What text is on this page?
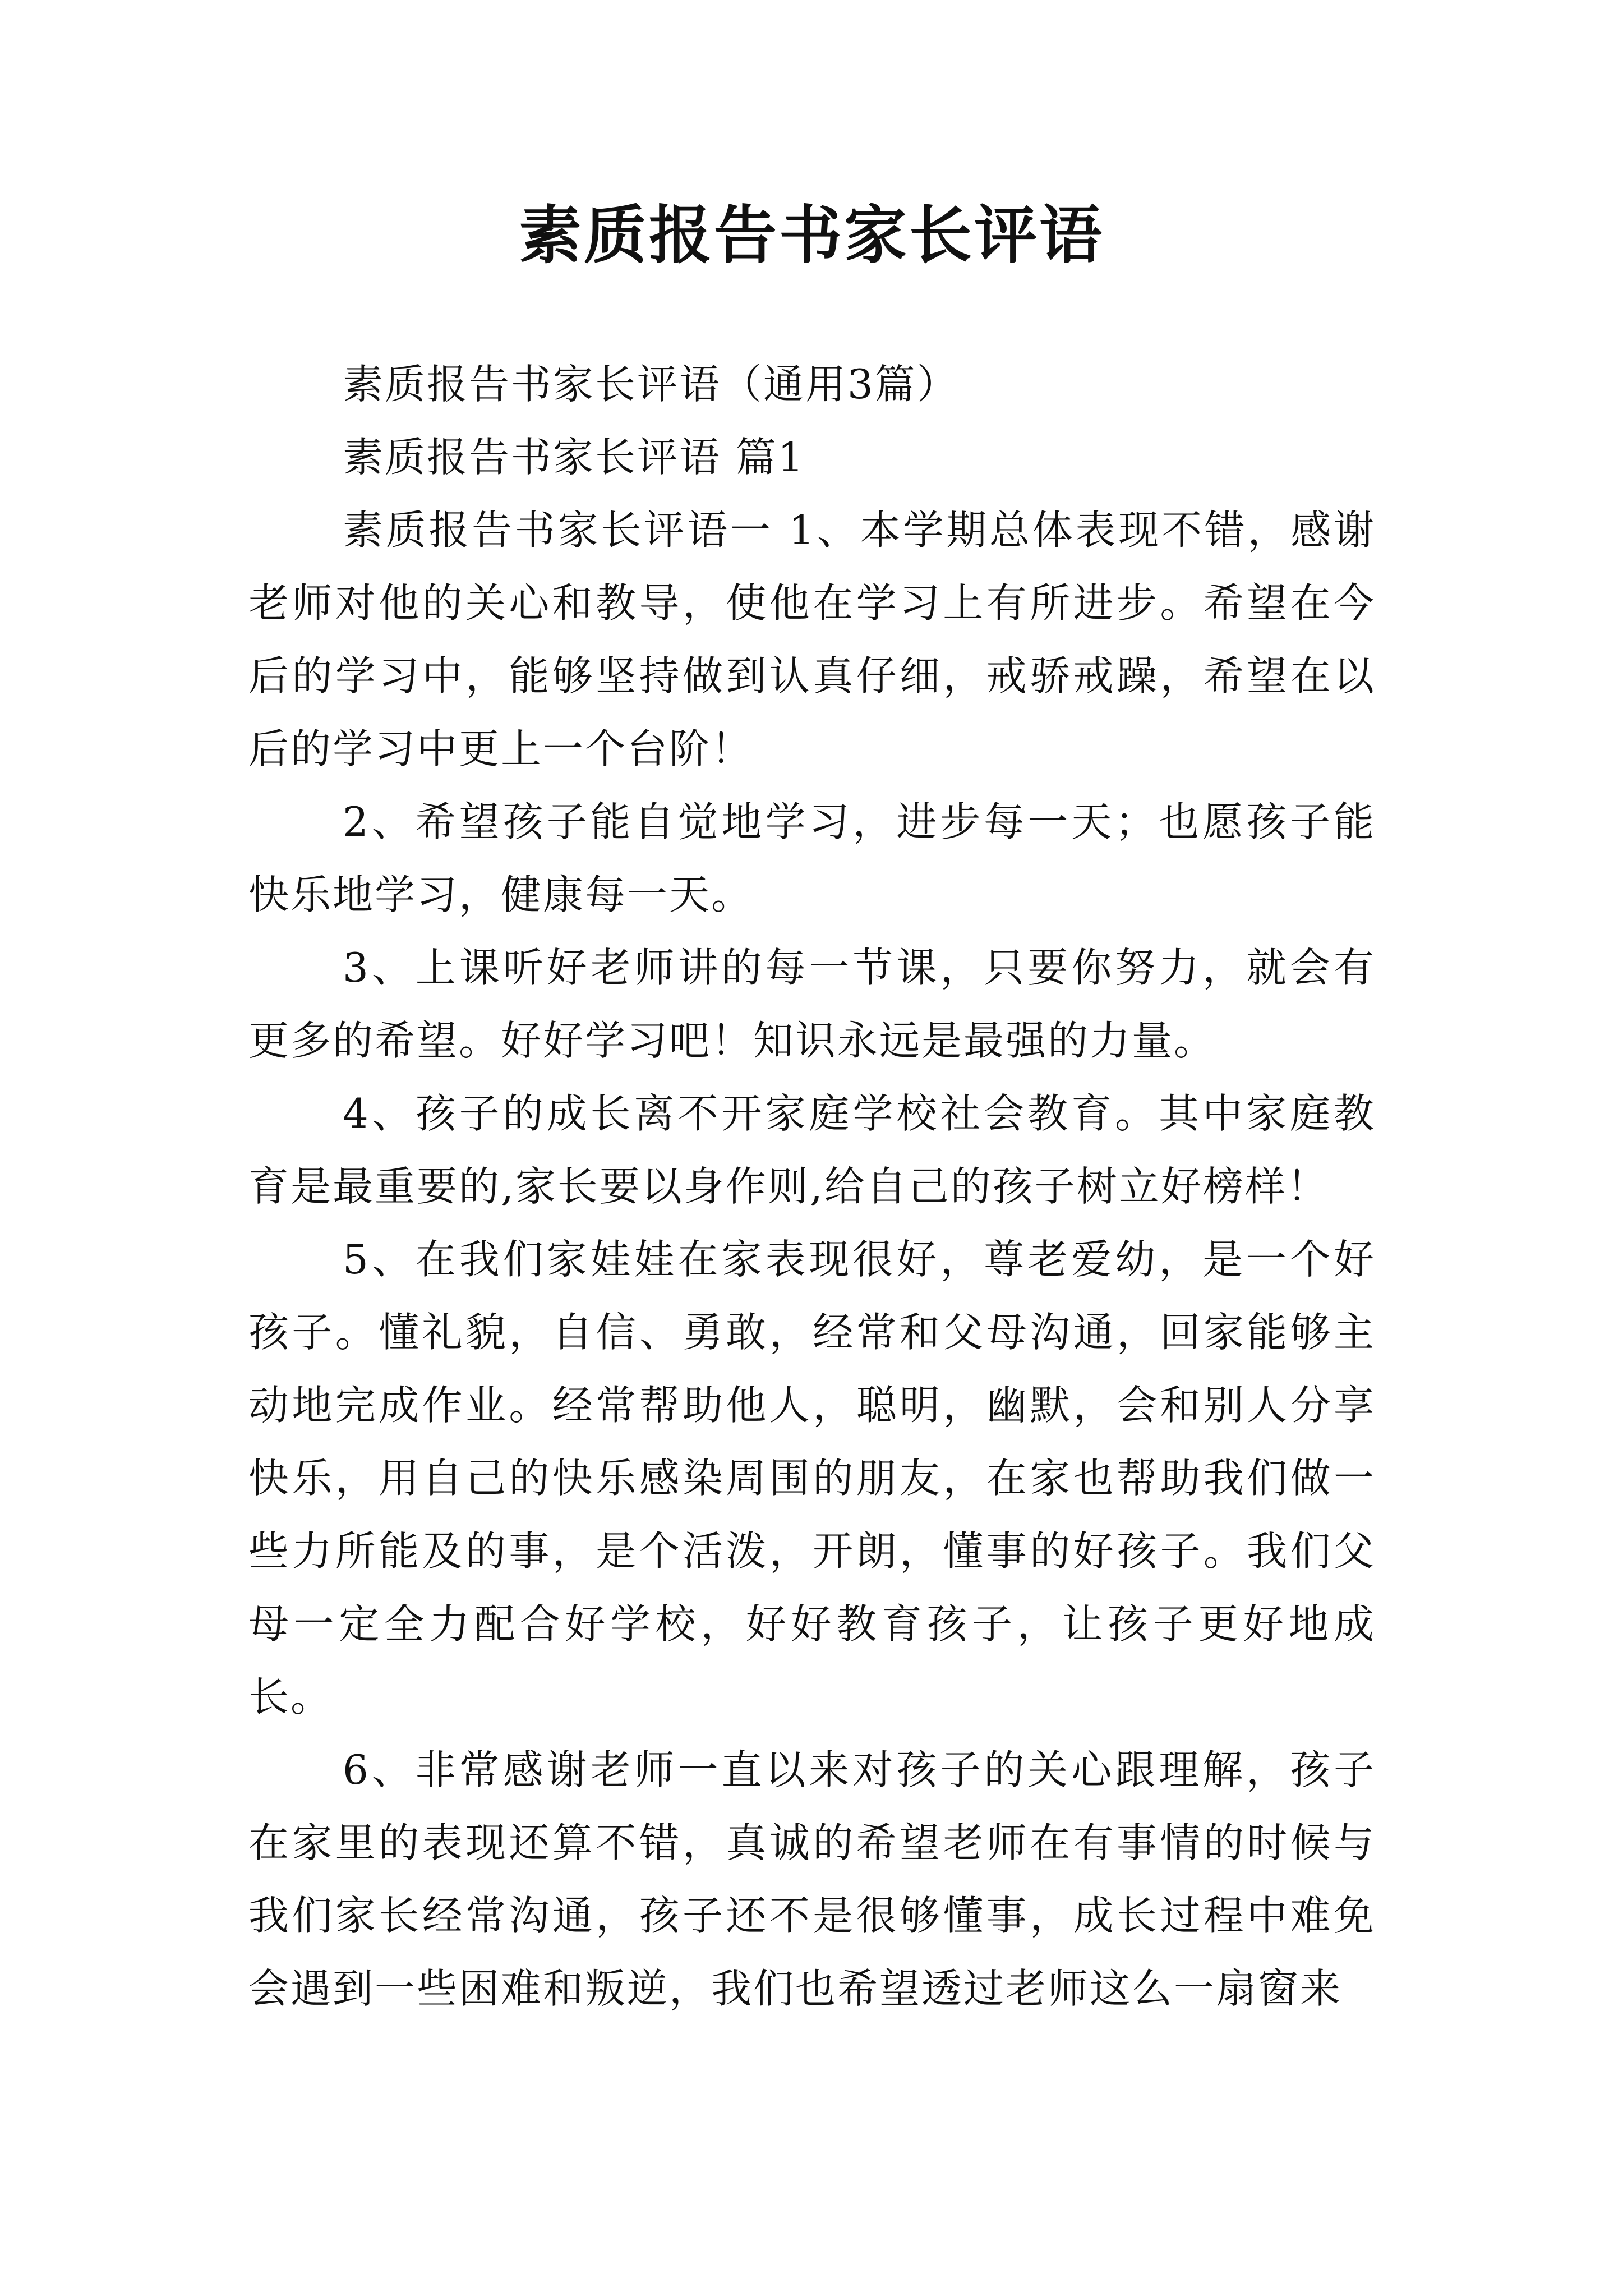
素质报告书家长评语

素质报告书家长评语（通用3篇）

素质报告书家长评语 篇1

素质报告书家长评语一 1、本学期总体表现不错，感谢老师对他的关心和教导，使他在学习上有所进步。希望在今后的学习中，能够坚持做到认真仔细，戒骄戒躁，希望在以后的学习中更上一个台阶！

2、希望孩子能自觉地学习，进步每一天；也愿孩子能快乐地学习，健康每一天。

3、上课听好老师讲的每一节课，只要你努力，就会有更多的希望。好好学习吧！知识永远是最强的力量。

4、孩子的成长离不开家庭学校社会教育。其中家庭教育是最重要的,家长要以身作则,给自己的孩子树立好榜样！

5、在我们家娃娃在家表现很好，尊老爱幼，是一个好孩子。懂礼貌，自信、勇敢，经常和父母沟通，回家能够主动地完成作业。经常帮助他人，聪明，幽默，会和别人分享快乐，用自己的快乐感染周围的朋友，在家也帮助我们做一些力所能及的事，是个活泼，开朗，懂事的好孩子。我们父母一定全力配合好学校，好好教育孩子，让孩子更好地成长。

6、非常感谢老师一直以来对孩子的关心跟理解，孩子在家里的表现还算不错，真诚的希望老师在有事情的时候与我们家长经常沟通，孩子还不是很够懂事，成长过程中难免会遇到一些困难和叛逆，我们也希望透过老师这么一扇窗来
